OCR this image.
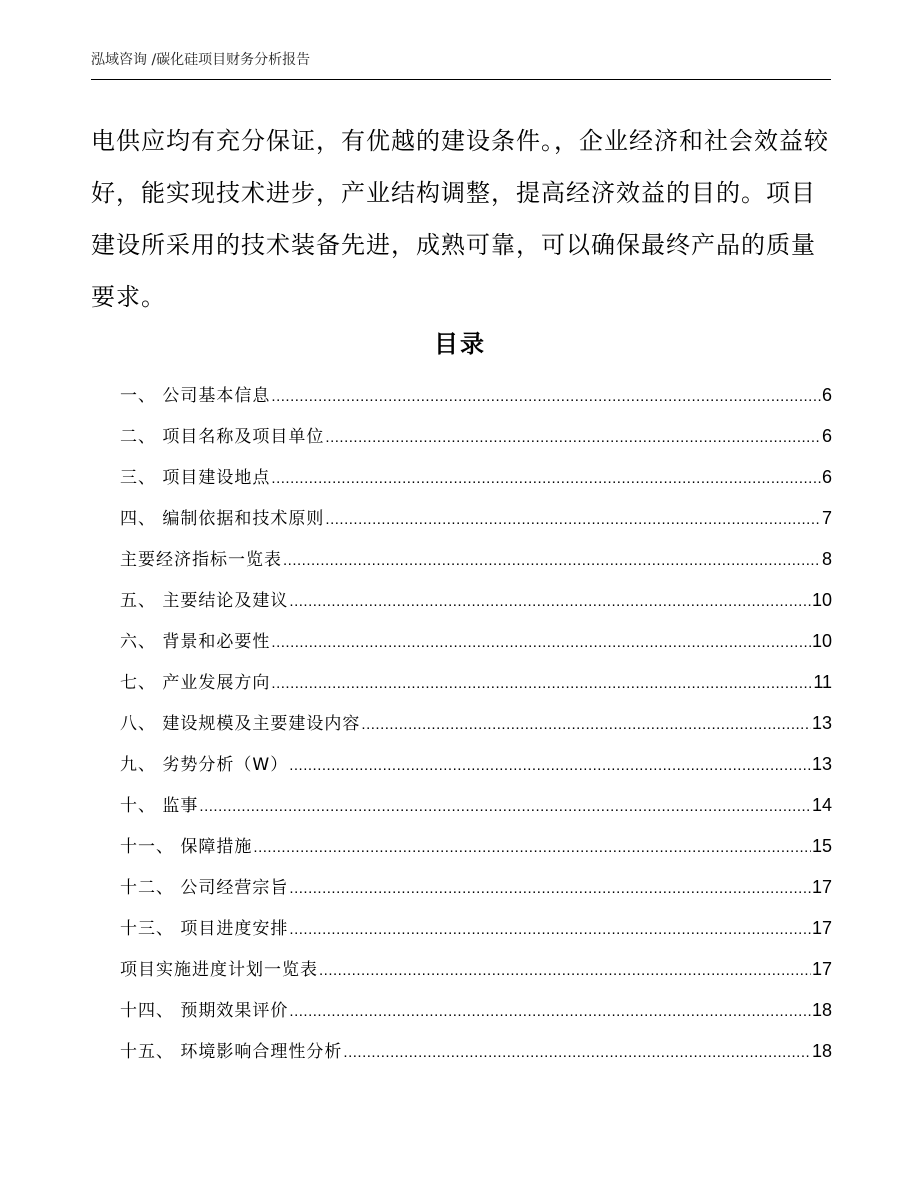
泓域咨询 /碳化硅项目财务分析报告

电供应均有充分保证，有优越的建设条件。，企业经济和社会效益较好，能实现技术进步，产业结构调整，提高经济效益的目的。项目建设所采用的技术装备先进，成熟可靠，可以确保最终产品的质量要求。

目录
一、 公司基本信息 .....	6
二、 项目名称及项目单位 .....	6
三、 项目建设地点 .....	6
四、 编制依据和技术原则 .....	7
主要经济指标一览表 .....	8
五、 主要结论及建议 .....	10
六、 背景和必要性 .....	10
七、 产业发展方向 .....	11
八、 建设规模及主要建设内容 .....	13
九、 劣势分析（W） .....	13
十、 监事 .....	14
十一、 保障措施 .....	15
十二、 公司经营宗旨 .....	17
十三、 项目进度安排 .....	17
项目实施进度计划一览表 .....	17
十四、 预期效果评价 .....	18
十五、 环境影响合理性分析 .....	18
